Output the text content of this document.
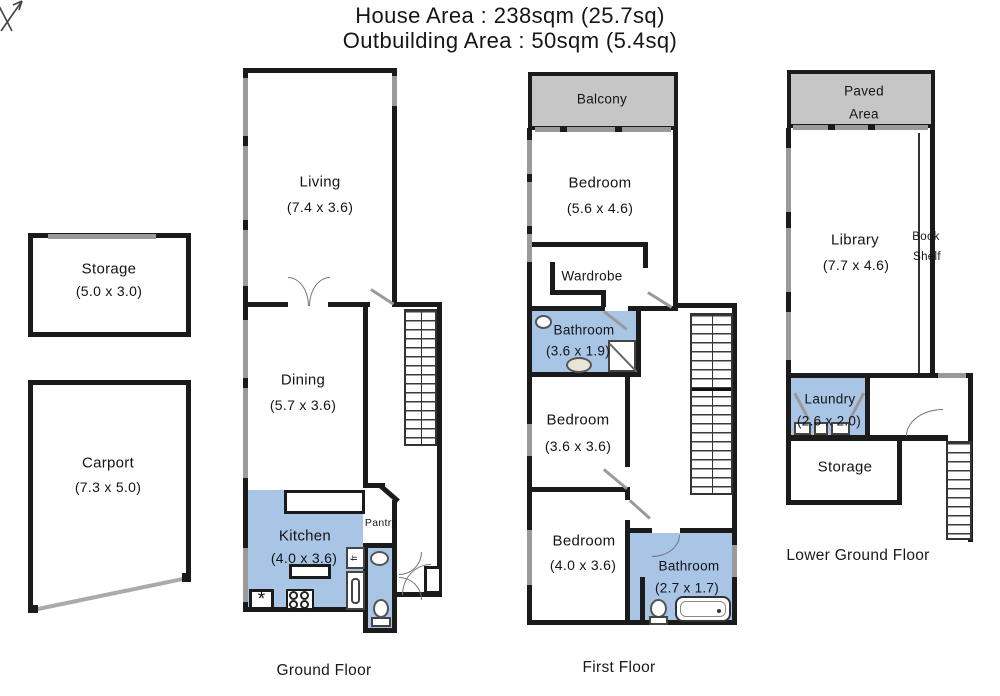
House Area : 238sqm (25.7sq)
Outbuilding Area : 50sqm (5.4sq)
Storage
(5.0 x 3.0)
Carport
(7.3 x 5.0)
*
fr
Living
(7.4 x 3.6)
Dining
(5.7 x 3.6)
Kitchen
(4.0 x 3.6)
Pantry
Ground Floor
Balcony
Bedroom
(5.6 x 4.6)
Wardrobe
Bathroom
(3.6 x 1.9)
Bedroom
(3.6 x 3.6)
Bedroom
(4.0 x 3.6)	Bathroom
(2.7 x 1.7)
First Floor
Book
Shelf
Paved
Area
Library
(7.7 x 4.6)
Laundry
(2.6 x 2.0)
Storage
Lower Ground Floor
